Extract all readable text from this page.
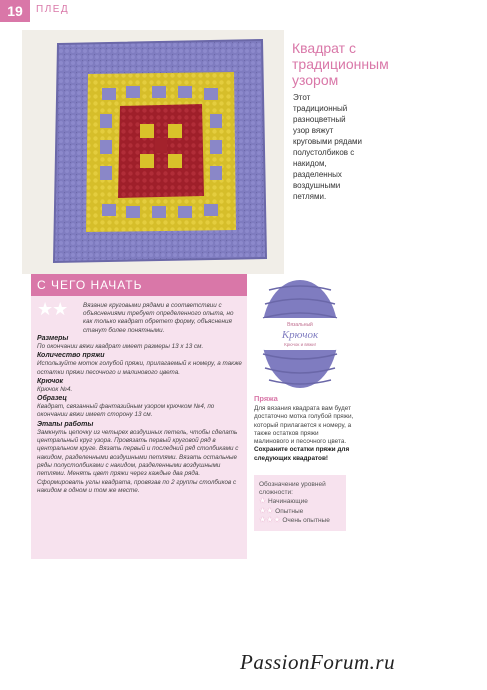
19	ПЛЕД
Квадрат с традиционным узором
Этот традиционный разноцветный узор вяжут круговыми рядами полустолбиков с накидом, разделенных воздушными петлями.
С ЧЕГО НАЧАТЬ
★★ Вязание круговыми рядами в соответствии с объяснениями требует определенного опыта, но как только квадрат обретет форму, объяснения станут более понятными.
Размеры

По окончании вяжи квадрат имеет размеры 13 x 13 см.

Количество пряжи

Используйте моток голубой пряжи, прилагаемый к номеру, а также остатки пряжи песочного и малинового цвета.

Крючок

Крючок №4.

Образец

Квадрат, связанный фантазийным узором крючком №4, по окончании вяжи имеет сторону 13 см.

Этапы работы

Замкнуть цепочку из четырех воздушных петель, чтобы сделать центральный круг узора. Провязать первый круговой ряд в центральном круге. Вязать первый и последний ряд столбиками с накидом, разделенными воздушными петлями. Вязать остальные ряды полустолбиками с накидом, разделенными воздушными петлями. Менять цвет пряжи через каждые два ряда. Сформировать углы квадрата, провязав по 2 группы столбиков с накидом в одном и том же месте.

Вязальный
Крючок
Крючок и вяжи!
Пряжа
Для вязания квадрата вам будет достаточно мотка голубой пряжи, который прилагается к номеру, а также остатков пряжи малинового и песочного цвета. Сохраните остатки пряжи для следующих квадратов!
Обозначение уровней сложности:
★ Начинающие
★★ Опытные
★★★ Очень опытные
PassionForum.ru
